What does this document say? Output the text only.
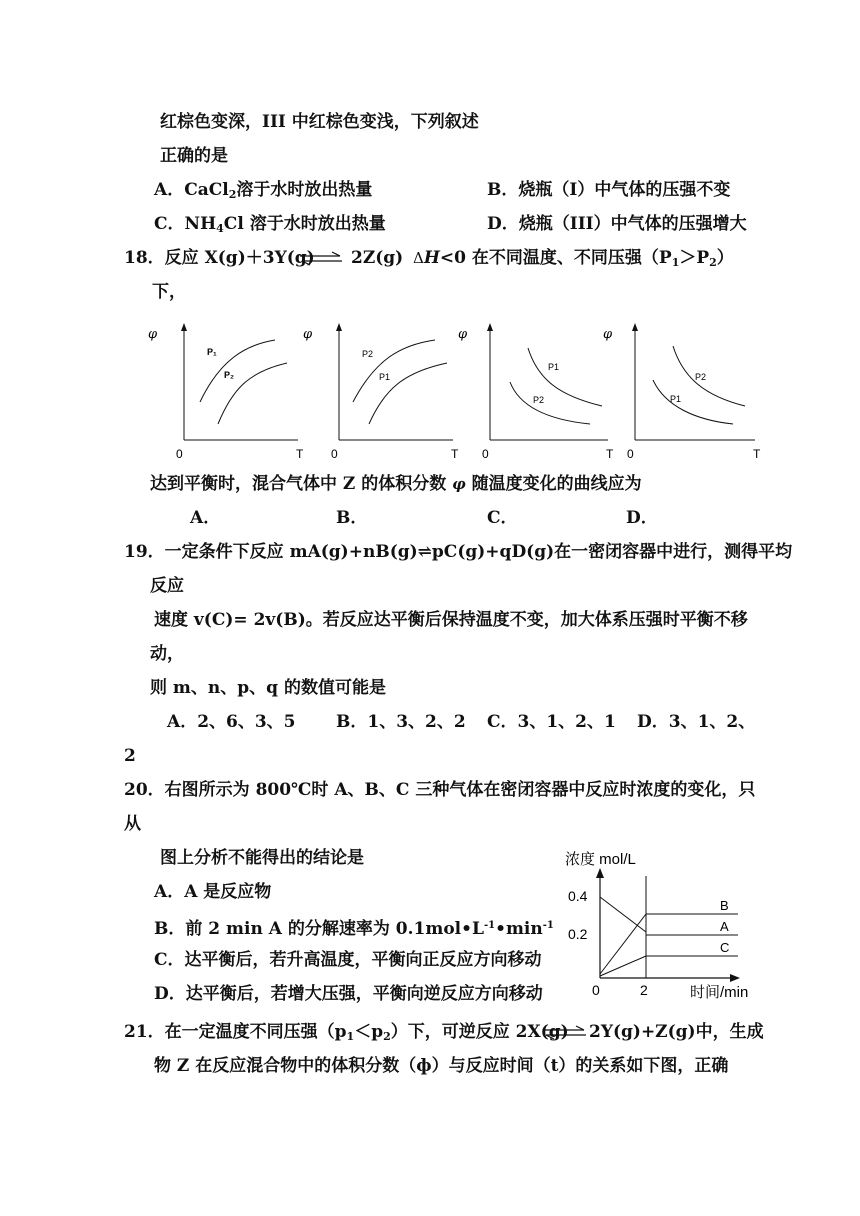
红棕色变深，III 中红棕色变浅，下列叙述
正确的是
A．CaCl$_2$溶于水时放出热量	B．烧瓶（I）中气体的压强不变
C．$NH_4Cl$ 溶于水时放出热量	D．烧瓶（III）中气体的压强增大
18．反应 X(g)＋3Y(g) ⇌ 2Z(g) ΔH<0 在不同温度、不同压强$(P_1>P_2)$
下，
φ
0	T
P₁
P₂
φ
0	T
P2
P1
φ
0	T
P1
P2
φ
0	T
P2
P1
达到平衡时，混合气体中 Z 的体积分数 φ 随温度变化的曲线应为
A．	B．	C．	D．
19．一定条件下反应 mA(g)+nB(g)⇌pC(g)+qD(g)在一密闭容器中进行，测得平均
反应
速度 v(C)= 2v(B)。若反应达平衡后保持温度不变，加大体系压强时平衡不移
动，
则 m、n、p、q 的数值可能是
A．2、6、3、5 B．1、3、2、2 C．3、1、2、1 D．3、1、2、
2
20．右图所示为 800℃时 A、B、C 三种气体在密闭容器中反应时浓度的变化，只
从
图上分析不能得出的结论是
A．A 是反应物
B．前 2 min A 的分解速率为 $0.1mol•L^{-1}•\min^{-1}$
C．达平衡后，若升高温度，平衡向正反应方向移动
D．达平衡后，若增大压强，平衡向逆反应方向移动
浓度 mol/L
0.4
0.2
0	2	时间/min
B
A
C
21．在一定温度不同压强$(p_1<p_2)$下，可逆反应 2X(g) ⇌ 2Y(g)+Z(g)中，生成
物 Z 在反应混合物中的体积分数（ф）与反应时间（t）的关系如下图，正确
